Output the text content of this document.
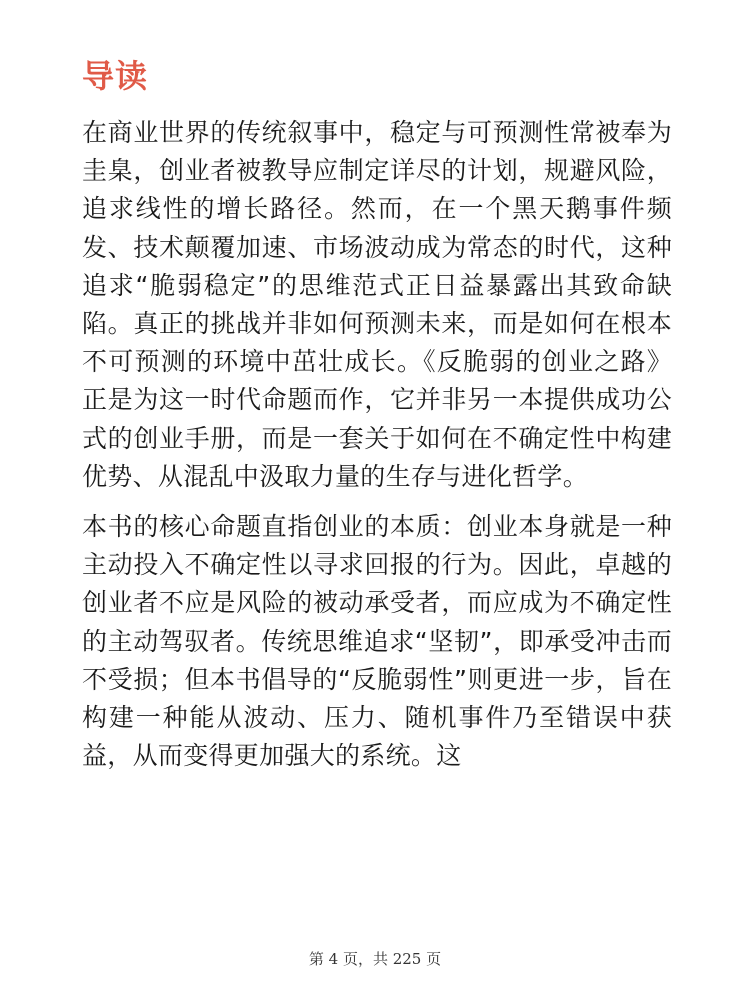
导读

在商业世界的传统叙事中，稳定与可预测性常被奉为圭臬，创业者被教导应制定详尽的计划，规避风险，追求线性的增长路径。然而，在一个黑天鹅事件频发、技术颠覆加速、市场波动成为常态的时代，这种追求“脆弱稳定”的思维范式正日益暴露出其致命缺陷。真正的挑战并非如何预测未来，而是如何在根本不可预测的环境中茁壮成长。《反脆弱的创业之路》正是为这一时代命题而作，它并非另一本提供成功公式的创业手册，而是一套关于如何在不确定性中构建优势、从混乱中汲取力量的生存与进化哲学。

本书的核心命题直指创业的本质：创业本身就是一种主动投入不确定性以寻求回报的行为。因此，卓越的创业者不应是风险的被动承受者，而应成为不确定性的主动驾驭者。传统思维追求“坚韧”，即承受冲击而不受损；但本书倡导的“反脆弱性”则更进一步，旨在构建一种能从波动、压力、随机事件乃至错误中获益，从而变得更加强大的系统。这

第 4 页，共 225 页
